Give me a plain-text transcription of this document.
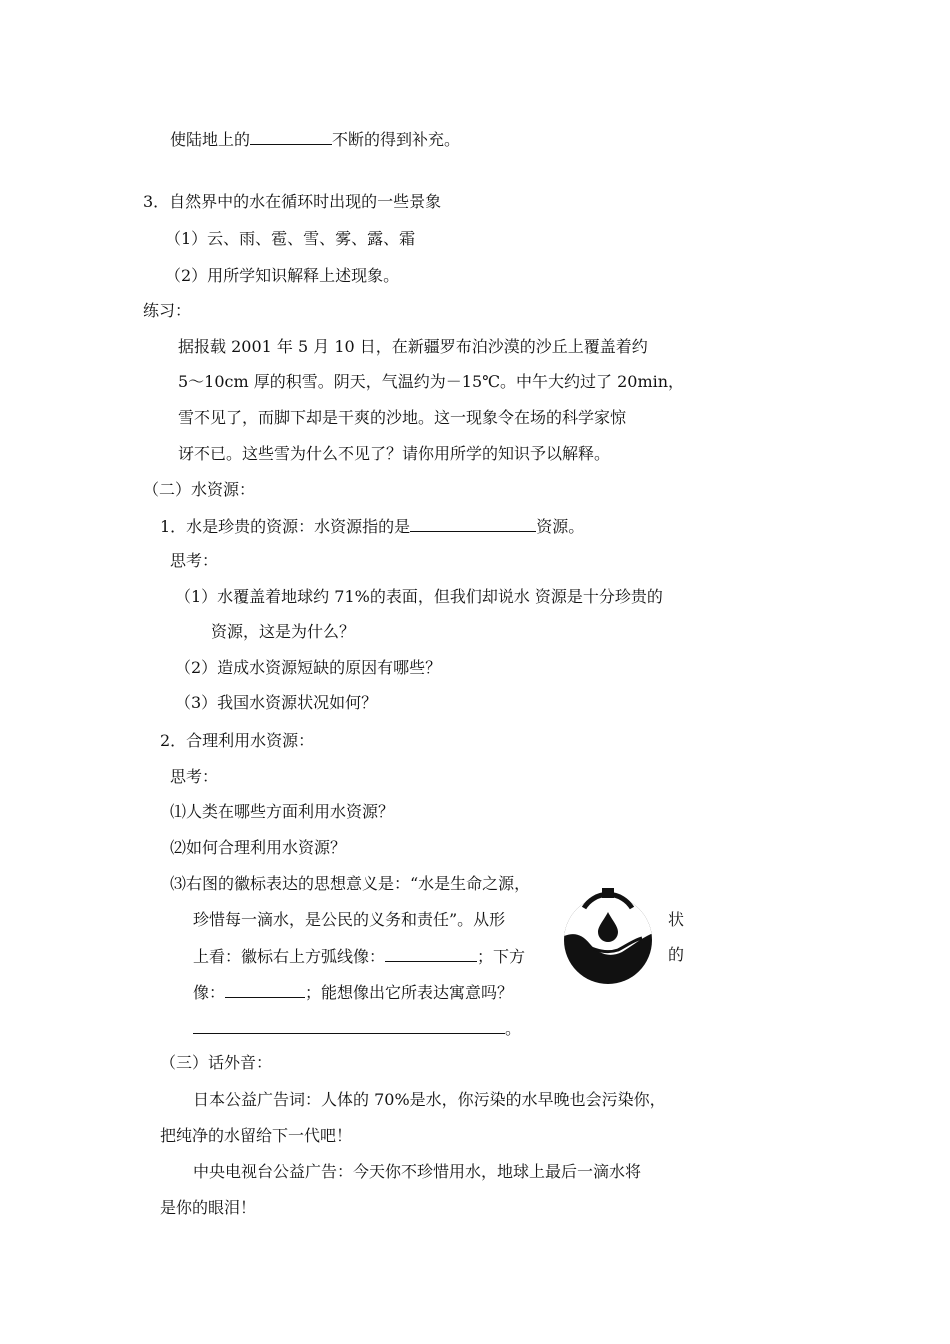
使陆地上的	不断的得到补充。
3．自然界中的水在循环时出现的一些景象
（1）云、雨、雹、雪、雾、露、霜
（2）用所学知识解释上述现象。
练习：
据报载 2001 年 5 月 10 日，在新疆罗布泊沙漠的沙丘上覆盖着约
5～10cm 厚的积雪。阴天，气温约为－15℃。中午大约过了 20min，
雪不见了，而脚下却是干爽的沙地。这一现象令在场的科学家惊
讶不已。这些雪为什么不见了？请你用所学的知识予以解释。
（二）水资源：
1．水是珍贵的资源：水资源指的是	资源。
思考：
（1）水覆盖着地球约 71%的表面，但我们却说水 资源是十分珍贵的
资源，这是为什么？
（2）造成水资源短缺的原因有哪些？
（3）我国水资源状况如何？
2．合理利用水资源：
思考：
⑴人类在哪些方面利用水资源？
⑵如何合理利用水资源？
⑶右图的徽标表达的思想意义是：“水是生命之源，
珍惜每一滴水，是公民的义务和责任”。从形	状
上看：徽标右上方弧线像：	；下方	的
像：	；能想像出它所表达寓意吗？
。
（三）话外音：
日本公益广告词：人体的 70%是水，你污染的水早晚也会污染你，
把纯净的水留给下一代吧！
中央电视台公益广告：今天你不珍惜用水，地球上最后一滴水将
是你的眼泪！
